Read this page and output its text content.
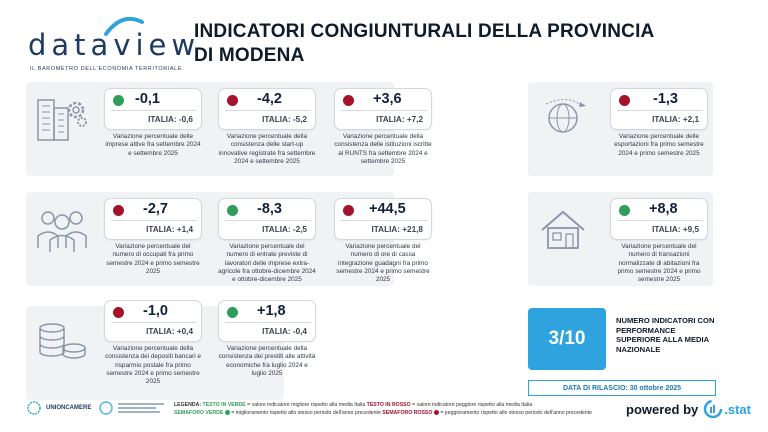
dataview
IL BAROMETRO DELL'ECONOMIA TERRITORIALE
INDICATORI CONGIUNTURALI DELLA PROVINCIA DI MODENA
-0,1
ITALIA: -0,6
Variazione percentuale delle imprese attive fra settembre 2024 e settembre 2025
-4,2
ITALIA: -5,2
Variazione percentuale della consistenza delle start-up innovative registrate fra settembre 2024 e settembre 2025
+3,6
ITALIA: +7,2
Variazione percentuale della consistenza delle istituzioni iscritte al RUNTS fra settembre 2024 e settembre 2025
-1,3
ITALIA: +2,1
Variazione percentuale delle esportazioni fra primo semestre 2024 e primo semestre 2025
-2,7
ITALIA: +1,4
Variazione percentuale del numero di occupati fra primo semestre 2024 e primo semestre 2025
-8,3
ITALIA: -2,5
Variazione percentuale del numero di entrate previste di lavoratori delle imprese extra-agricole fra ottobre-dicembre 2024 e ottobre-dicembre 2025
+44,5
ITALIA: +21,8
Variazione percentuale del numero di ore di cassa integrazione guadagni fra primo semestre 2024 e primo semestre 2025
+8,8
ITALIA: +9,5
Variazione percentuale del numero di transazioni normalizzate di abitazioni fra primo semestre 2024 e primo semestre 2025
-1,0
ITALIA: +0,4
Variazione percentuale della consistenza dei depositi bancari e risparmio postale fra primo semestre 2024 e primo semestre 2025
+1,8
ITALIA: -0,4
Variazione percentuale della consistenza dei prestiti alle attività economiche fra luglio 2024 e luglio 2025
3/10
NUMERO INDICATORI CON PERFORMANCE SUPERIORE ALLA MEDIA NAZIONALE
DATA DI RILASCIO: 30 ottobre 2025
UNIONCAMERE	LEGENDA: TESTO IN VERDE = valore indicatore migliore rispetto alla media Italia TESTO IN ROSSO = valore indicatore peggiore rispetto alla media Italia
SEMAFORO VERDE  = miglioramento rispetto allo stesso periodo dell'anno precedente SEMAFORO ROSSO  = peggioramento rispetto allo stesso periodo dell'anno precedente	powered by .stat
